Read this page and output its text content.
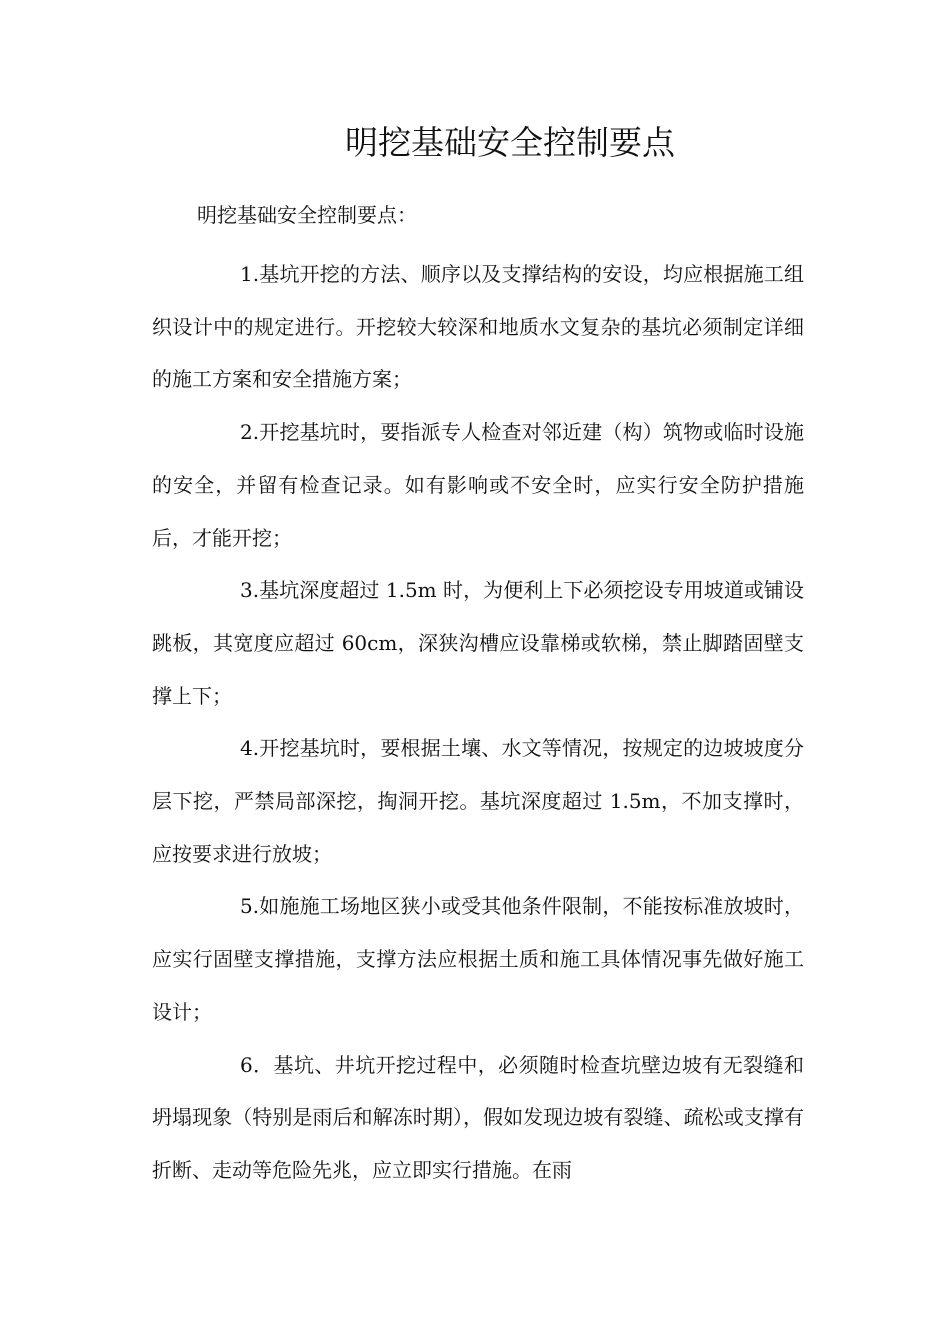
明挖基础安全控制要点

明挖基础安全控制要点：

1.基坑开挖的方法、顺序以及支撑结构的安设，均应根据施工组织设计中的规定进行。开挖较大较深和地质水文复杂的基坑必须制定详细的施工方案和安全措施方案；

2.开挖基坑时，要指派专人检查对邻近建（构）筑物或临时设施的安全，并留有检查记录。如有影响或不安全时，应实行安全防护措施后，才能开挖；

3.基坑深度超过 1.5m 时，为便利上下必须挖设专用坡道或铺设跳板，其宽度应超过 60cm，深狭沟槽应设靠梯或软梯，禁止脚踏固壁支撑上下；

4.开挖基坑时，要根据土壤、水文等情况，按规定的边坡坡度分层下挖，严禁局部深挖，掏洞开挖。基坑深度超过 1.5m，不加支撑时，应按要求进行放坡；

5.如施施工场地区狭小或受其他条件限制，不能按标准放坡时，应实行固壁支撑措施，支撑方法应根据土质和施工具体情况事先做好施工设计；

6．基坑、井坑开挖过程中，必须随时检查坑壁边坡有无裂缝和坍塌现象（特别是雨后和解冻时期），假如发现边坡有裂缝、疏松或支撑有折断、走动等危险先兆，应立即实行措施。在雨
